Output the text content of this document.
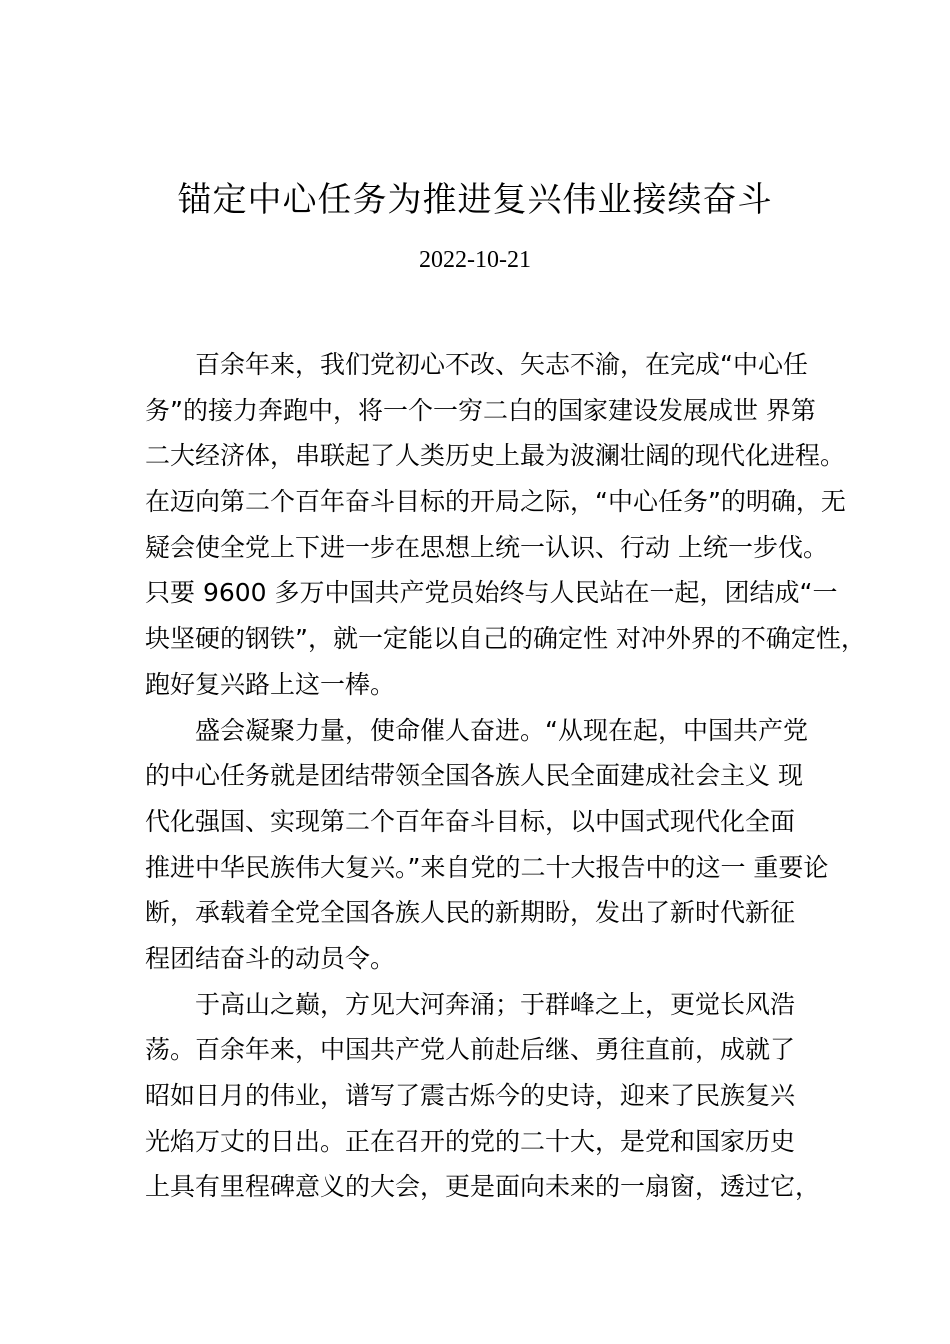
锚定中心任务为推进复兴伟业接续奋斗
2022-10-21
百余年来，我们党初心不改、矢志不渝，在完成“中心任
务”的接力奔跑中，将一个一穷二白的国家建设发展成世 界第
二大经济体，串联起了人类历史上最为波澜壮阔的现代化进程。
在迈向第二个百年奋斗目标的开局之际，“中心任务”的明确，无
疑会使全党上下进一步在思想上统一认识、行动 上统一步伐。
只要 9600 多万中国共产党员始终与人民站在一起，团结成“一
块坚硬的钢铁”，就一定能以自己的确定性 对冲外界的不确定性，
跑好复兴路上这一棒。
盛会凝聚力量，使命催人奋进。“从现在起，中国共产党
的中心任务就是团结带领全国各族人民全面建成社会主义 现
代化强国、实现第二个百年奋斗目标，以中国式现代化全面
推进中华民族伟大复兴。”来自党的二十大报告中的这一 重要论
断，承载着全党全国各族人民的新期盼，发出了新时代新征
程团结奋斗的动员令。
于高山之巅，方见大河奔涌；于群峰之上，更觉长风浩
荡。百余年来，中国共产党人前赴后继、勇往直前，成就了
昭如日月的伟业，谱写了震古烁今的史诗，迎来了民族复兴
光焰万丈的日出。正在召开的党的二十大，是党和国家历史
上具有里程碑意义的大会，更是面向未来的一扇窗，透过它，
